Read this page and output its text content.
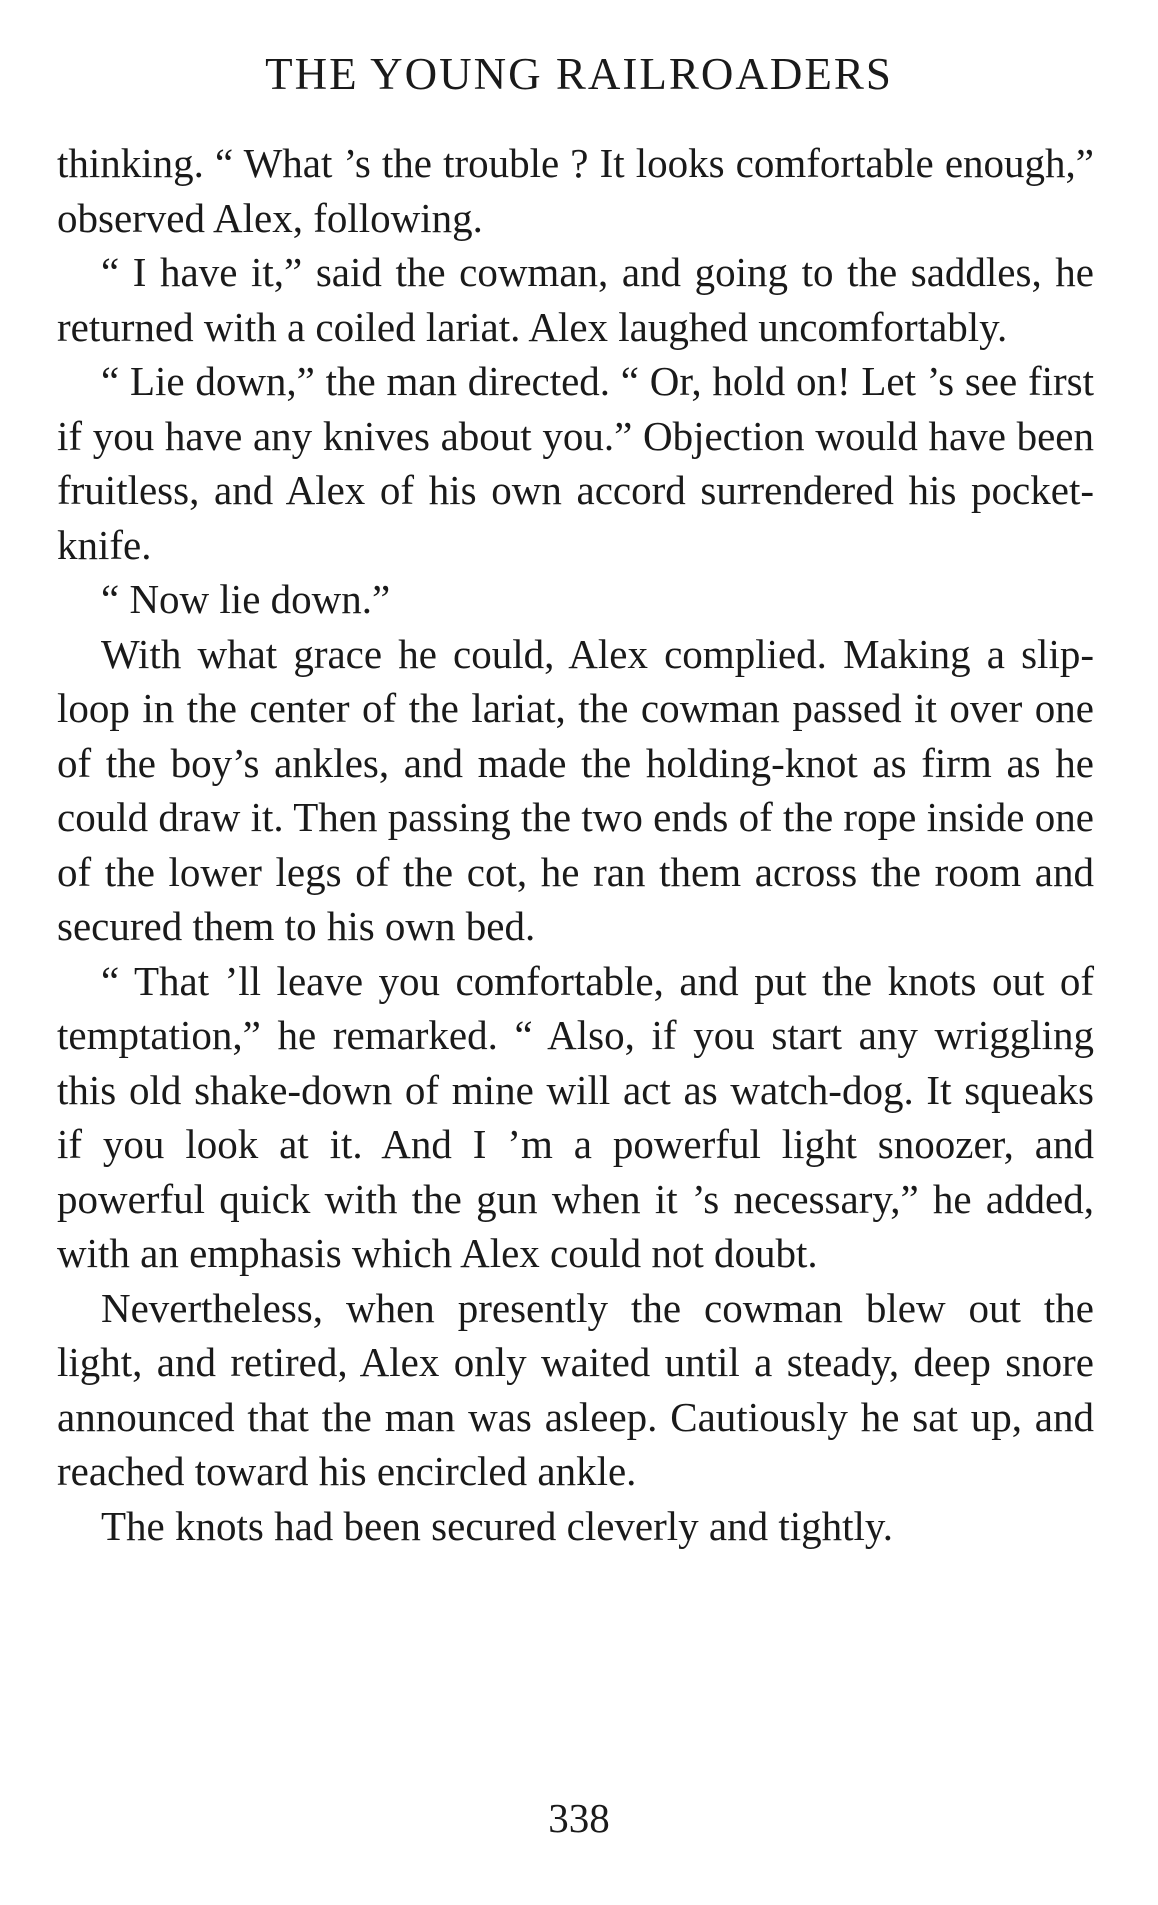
THE YOUNG RAILROADERS

thinking. “ What ’s the trouble ? It looks comfortable enough,” observed Alex, following.

“ I have it,” said the cowman, and going to the saddles, he returned with a coiled lariat. Alex laughed uncomfortably.

“ Lie down,” the man directed. “ Or, hold on! Let ’s see first if you have any knives about you.” Objection would have been fruitless, and Alex of his own accord surrendered his pocket-knife.

“ Now lie down.”

With what grace he could, Alex complied. Making a slip-loop in the center of the lariat, the cowman passed it over one of the boy’s ankles, and made the holding-knot as firm as he could draw it. Then passing the two ends of the rope inside one of the lower legs of the cot, he ran them across the room and secured them to his own bed.

“ That ’ll leave you comfortable, and put the knots out of temptation,” he remarked. “ Also, if you start any wriggling this old shake-down of mine will act as watch-dog. It squeaks if you look at it. And I ’m a powerful light snoozer, and powerful quick with the gun when it ’s necessary,” he added, with an emphasis which Alex could not doubt.

Nevertheless, when presently the cowman blew out the light, and retired, Alex only waited until a steady, deep snore announced that the man was asleep. Cautiously he sat up, and reached toward his encircled ankle.

The knots had been secured cleverly and tightly.

338
